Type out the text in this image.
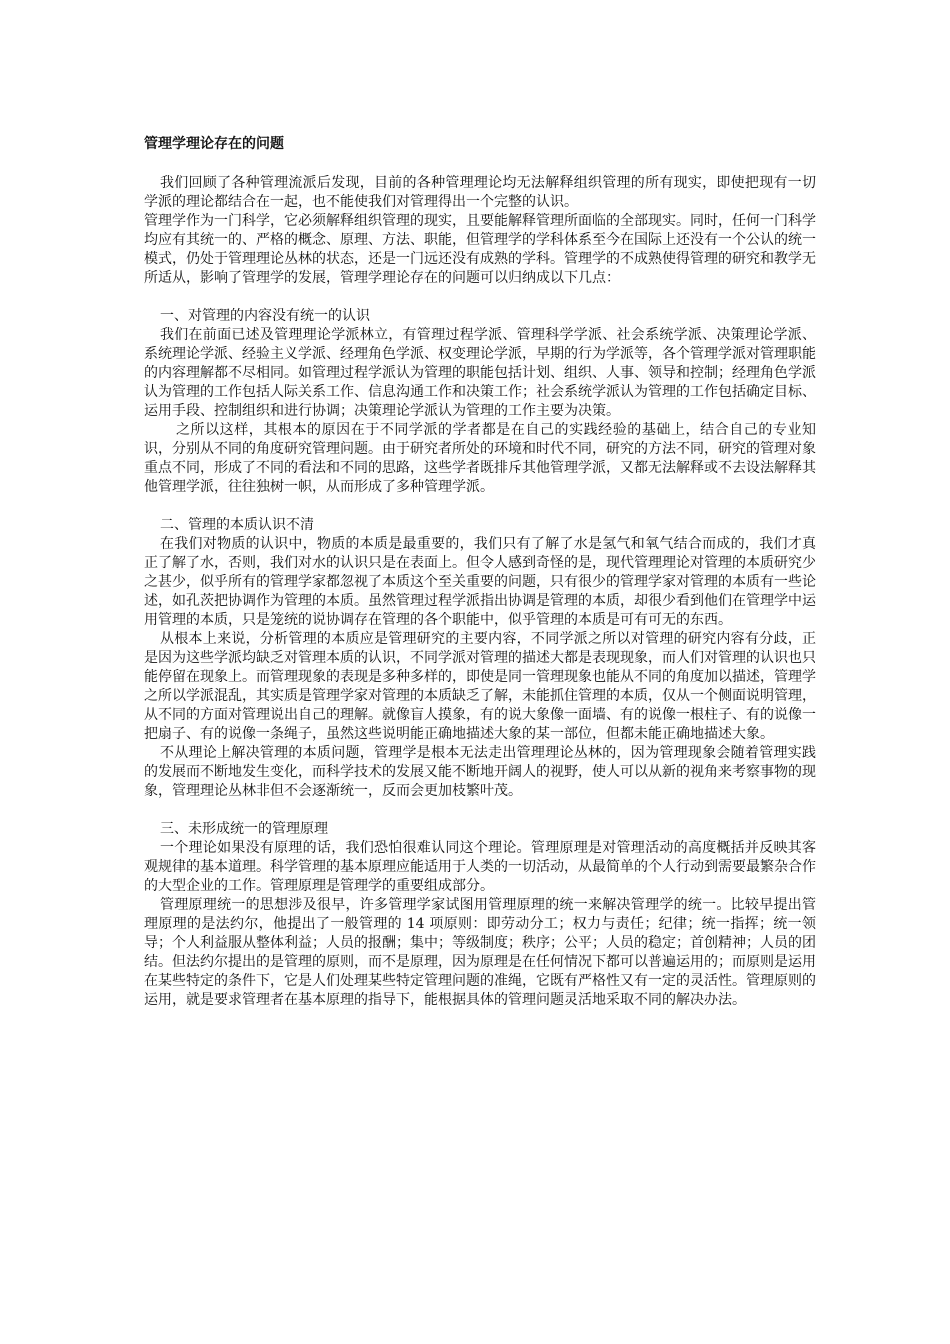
管理学理论存在的问题

我们回顾了各种管理流派后发现，目前的各种管理理论均无法解释组织管理的所有现实，即使把现有一切学派的理论都结合在一起，也不能使我们对管理得出一个完整的认识。

管理学作为一门科学，它必须解释组织管理的现实，且要能解释管理所面临的全部现实。同时，任何一门科学均应有其统一的、严格的概念、原理、方法、职能，但管理学的学科体系至今在国际上还没有一个公认的统一模式，仍处于管理理论丛林的状态，还是一门远还没有成熟的学科。管理学的不成熟使得管理的研究和教学无所适从，影响了管理学的发展，管理学理论存在的问题可以归纳成以下几点：

一、对管理的内容没有统一的认识

我们在前面已述及管理理论学派林立，有管理过程学派、管理科学学派、社会系统学派、决策理论学派、系统理论学派、经验主义学派、经理角色学派、权变理论学派，早期的行为学派等，各个管理学派对管理职能的内容理解都不尽相同。如管理过程学派认为管理的职能包括计划、组织、人事、领导和控制；经理角色学派认为管理的工作包括人际关系工作、信息沟通工作和决策工作；社会系统学派认为管理的工作包括确定目标、运用手段、控制组织和进行协调；决策理论学派认为管理的工作主要为决策。

之所以这样，其根本的原因在于不同学派的学者都是在自己的实践经验的基础上，结合自己的专业知识，分别从不同的角度研究管理问题。由于研究者所处的环境和时代不同，研究的方法不同，研究的管理对象重点不同，形成了不同的看法和不同的思路，这些学者既排斥其他管理学派，又都无法解释或不去设法解释其他管理学派，往往独树一帜，从而形成了多种管理学派。

二、管理的本质认识不清

在我们对物质的认识中，物质的本质是最重要的，我们只有了解了水是氢气和氧气结合而成的，我们才真正了解了水，否则，我们对水的认识只是在表面上。但令人感到奇怪的是，现代管理理论对管理的本质研究少之甚少，似乎所有的管理学家都忽视了本质这个至关重要的问题，只有很少的管理学家对管理的本质有一些论述，如孔茨把协调作为管理的本质。虽然管理过程学派指出协调是管理的本质，却很少看到他们在管理学中运用管理的本质，只是笼统的说协调存在管理的各个职能中，似乎管理的本质是可有可无的东西。

从根本上来说，分析管理的本质应是管理研究的主要内容，不同学派之所以对管理的研究内容有分歧，正是因为这些学派均缺乏对管理本质的认识，不同学派对管理的描述大都是表现现象，而人们对管理的认识也只能停留在现象上。而管理现象的表现是多种多样的，即使是同一管理现象也能从不同的角度加以描述，管理学之所以学派混乱，其实质是管理学家对管理的本质缺乏了解，未能抓住管理的本质，仅从一个侧面说明管理，从不同的方面对管理说出自己的理解。就像盲人摸象，有的说大象像一面墙、有的说像一根柱子、有的说像一把扇子、有的说像一条绳子，虽然这些说明能正确地描述大象的某一部位，但都未能正确地描述大象。

不从理论上解决管理的本质问题，管理学是根本无法走出管理理论丛林的，因为管理现象会随着管理实践的发展而不断地发生变化，而科学技术的发展又能不断地开阔人的视野，使人可以从新的视角来考察事物的现象，管理理论丛林非但不会逐渐统一，反而会更加枝繁叶茂。

三、未形成统一的管理原理

一个理论如果没有原理的话，我们恐怕很难认同这个理论。管理原理是对管理活动的高度概括并反映其客观规律的基本道理。科学管理的基本原理应能适用于人类的一切活动，从最简单的个人行动到需要最繁杂合作的大型企业的工作。管理原理是管理学的重要组成部分。

管理原理统一的思想涉及很早，许多管理学家试图用管理原理的统一来解决管理学的统一。比较早提出管理原理的是法约尔，他提出了一般管理的 14 项原则：即劳动分工；权力与责任；纪律；统一指挥；统一领导；个人利益服从整体利益；人员的报酬；集中；等级制度；秩序；公平；人员的稳定；首创精神；人员的团结。但法约尔提出的是管理的原则，而不是原理，因为原理是在任何情况下都可以普遍运用的；而原则是运用在某些特定的条件下，它是人们处理某些特定管理问题的准绳，它既有严格性又有一定的灵活性。管理原则的运用，就是要求管理者在基本原理的指导下，能根据具体的管理问题灵活地采取不同的解决办法。
